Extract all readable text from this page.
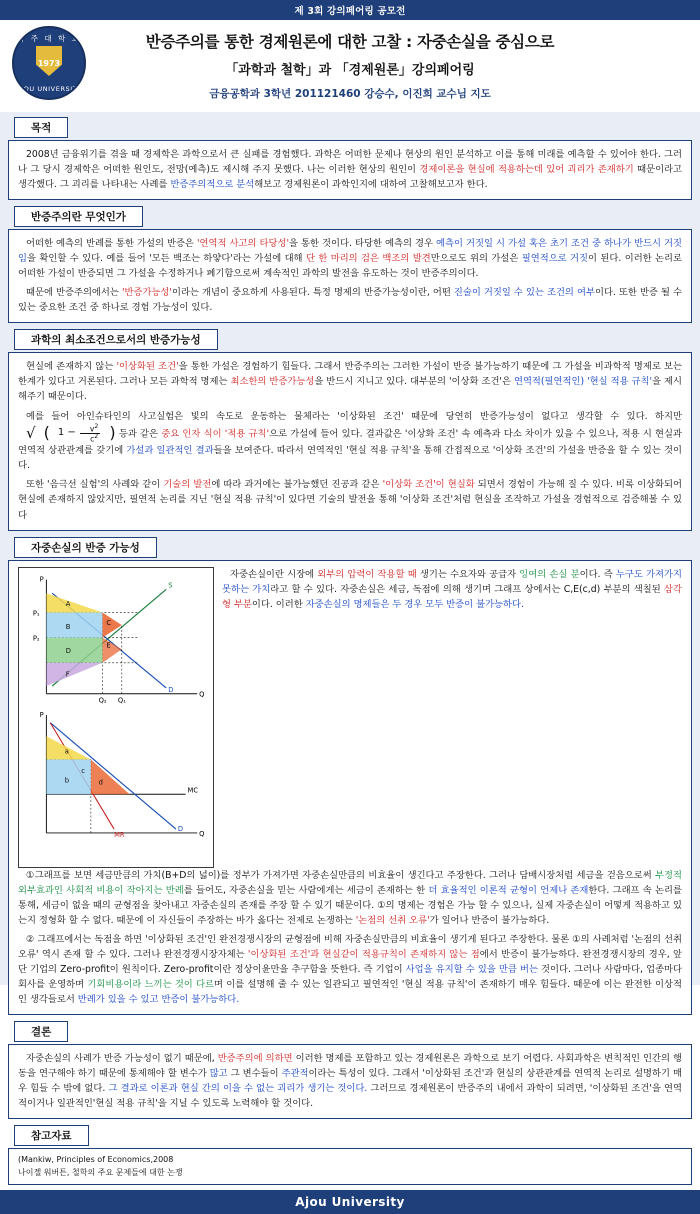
제 3회 강의페어링 공모전
아 주 대 학 교
1973
AJOU UNIVERSITY
반증주의를 통한 경제원론에 대한 고찰 : 자중손실을 중심으로
「과학과 철학」과 「경제원론」강의페어링
금융공학과 3학년 201121460 강승수, 이진희 교수님 지도
목적

2008년 금융위기를 겪을 때 경제학은 과학으로서 큰 실패를 경험했다. 과학은 어떠한 문제나 현상의 원인 분석하고 이를 통해 미래를 예측할 수 있어야 한다. 그러나 그 당시 경제학은 어떠한 원인도, 전망(예측)도 제시해 주지 못했다. 나는 이러한 현상의 원인이 경제이론을 현실에 적용하는데 있어 괴리가 존재하기 때문이라고 생각했다. 그 괴리를 나타내는 사례를 반증주의적으로 분석해보고 경제원론이 과학인지에 대하여 고찰해보고자 한다.

반증주의란 무엇인가

어떠한 예측의 반례를 통한 가설의 반증은 '연역적 사고의 타당성'을 통한 것이다. 타당한 예측의 경우 예측이 거짓일 시 가설 혹은 초기 조건 중 하나가 반드시 거짓임을 확인할 수 있다. 예를 들어 '모든 백조는 하얗다'라는 가설에 대해 단 한 마리의 검은 백조의 발견만으로도 위의 가설은 필연적으로 거짓이 된다. 이러한 논리로 어떠한 가설이 반증되면 그 가설을 수정하거나 폐기함으로써 계속적인 과학의 발전을 유도하는 것이 반증주의이다.

때문에 반증주의에서는 '반증가능성'이라는 개념이 중요하게 사용된다. 특정 명제의 반증가능성이란, 어떤 진술이 거짓일 수 있는 조건의 여부이다. 또한 반증 될 수 있는 중요한 조건 중 하나로 경험 가능성이 있다.

과학의 최소조건으로서의 반증가능성

현실에 존재하지 않는 '이상화된 조건'을 통한 가설은 경험하기 힘들다. 그래서 반증주의는 그러한 가설이 반증 불가능하기 때문에 그 가설을 비과학적 명제로 보는 한계가 있다고 거론된다. 그러나 모든 과학적 명제는 최소한의 반증가능성을 반드시 지니고 있다. 대부분의 '이상화 조건'은 연역적(필연적인) '현실 적용 규칙'을 제시해주기 때문이다.

예를 들어 아인슈타인의 사고실험은 빛의 속도로 운동하는 물체라는 '이상화된 조건' 때문에 당연히 반증가능성이 없다고 생각할 수 있다. 하지만
√ ( $1 - \frac{v^2}{c^2}$ ) 등과 같은 중요 인자 식이 '적용 규칙'으로 가설에 들어 있다. 결과값은 '이상화 조건' 속 예측과 다소 차이가 있을 수 있으나, 적용 시 현실과 연역적 상관관계를 갖기에 가설과 일관적인 결과들을 보여준다. 따라서 연역적인 '현실 적용 규칙'을 통해 간접적으로 '이상화 조건'의 가설을 반증을 할 수 있는 것이다.

또한 '음극선 실험'의 사례와 같이 기술의 발전에 따라 과거에는 불가능했던 진공과 같은 '이상화 조건'이 현실화 되면서 경험이 가능해 질 수 있다. 비록 이상화되어 현실에 존재하지 않았지만, 필연적 논리를 지닌 '현실 적용 규칙'이 있다면 기술의 발전을 통해 '이상화 조건'처럼 현실을 조작하고 가설을 경험적으로 검증해볼 수 있다

자중손실의 반증 가능성
P
Q
A
B	C
D
E
F
P₁
P₂
Q₂ Q₁
S
D
P
Q
a
b	d
c
MC
D
MR

자중손실이란 시장에 외부의 압력이 작용할 때 생기는 수요자와 공급자 잉여의 손실 분이다. 즉 누구도 가져가지 못하는 가치라고 할 수 있다. 자중손실은 세금, 독점에 의해 생기며 그래프 상에서는 C,E(c,d) 부분의 색칠된 삼각형 부분이다. 이러한 자중손실의 명제들은 두 경우 모두 반증이 불가능하다.

①그래프를 보면 세금만큼의 가치(B+D의 넓이)를 정부가 가져가면 자중손실만큼의 비효율이 생긴다고 주장한다. 그러나 담배시장처럼 세금을 걷음으로써 부정적 외부효과인 사회적 비용이 작아지는 반례를 들어도, 자중손실을 믿는 사람에게는 세금이 존재하는 한 더 효율적인 이론적 균형이 언제나 존재한다. 그래프 속 논리를 통해, 세금이 없을 때의 균형점을 찾아내고 자중손실의 존재를 주장 할 수 있기 때문이다. ①의 명제는 경험은 가능 할 수 있으나, 실제 자중손실이 어떻게 적용하고 있는지 정형화 할 수 없다. 때문에 이 자신들이 주장하는 바가 옳다는 전제로 논쟁하는 '논점의 선취 오류'가 일어나 반증이 불가능하다.

② 그래프에서는 독점을 하면 '이상화된 조건'인 완전경쟁시장의 균형점에 비해 자중손실만큼의 비효율이 생기게 된다고 주장한다. 물론 ①의 사례처럼 '논점의 선취 오류' 역시 존재 할 수 있다. 그러나 완전경쟁시장자체는 '이상화된 조건'과 현실같이 적용규칙이 존재하지 않는 점에서 반증이 불가능하다. 완전경쟁시장의 경우, 앞단 기업의 Zero-profit이 원칙이다. Zero-profit이란 정상이윤만을 추구함을 뜻한다. 즉 기업이 사업을 유지할 수 있을 만큼 버는 것이다. 그러나 사람마다, 업종마다 회사를 운영하며 기회비용이라 느끼는 것이 다르며 이를 설명해 줄 수 있는 일관되고 필연적인 '현실 적용 규칙'이 존재하기 매우 힘들다. 때문에 이는 완전한 이상적인 생각들로서 반례가 있을 수 있고 반증이 불가능하다.

결론

자중손실의 사례가 반증 가능성이 없기 때문에, 반증주의에 의하면 이러한 명제를 포함하고 있는 경제원론은 과학으로 보기 어렵다. 사회과학은 변칙적인 인간의 행동을 연구해야 하기 때문에 통제해야 할 변수가 많고 그 변수들이 주관적이라는 특성이 있다. 그래서 '이상화된 조건'과 현실의 상관관계를 연역적 논리로 설명하기 매우 힘들 수 밖에 없다. 그 결과로 이론과 현실 간의 이을 수 없는 괴리가 생기는 것이다. 그러므로 경제원론이 반증주의 내에서 과학이 되려면, '이상화된 조건'을 연역적이거나 일관적인'현실 적용 규칙'을 지닐 수 있도록 노력해야 할 것이다.

참고자료
(Mankiw, Principles of Economics,2008
나이젤 워버튼, 철학의 주요 문제들에 대한 논쟁
Ajou University
